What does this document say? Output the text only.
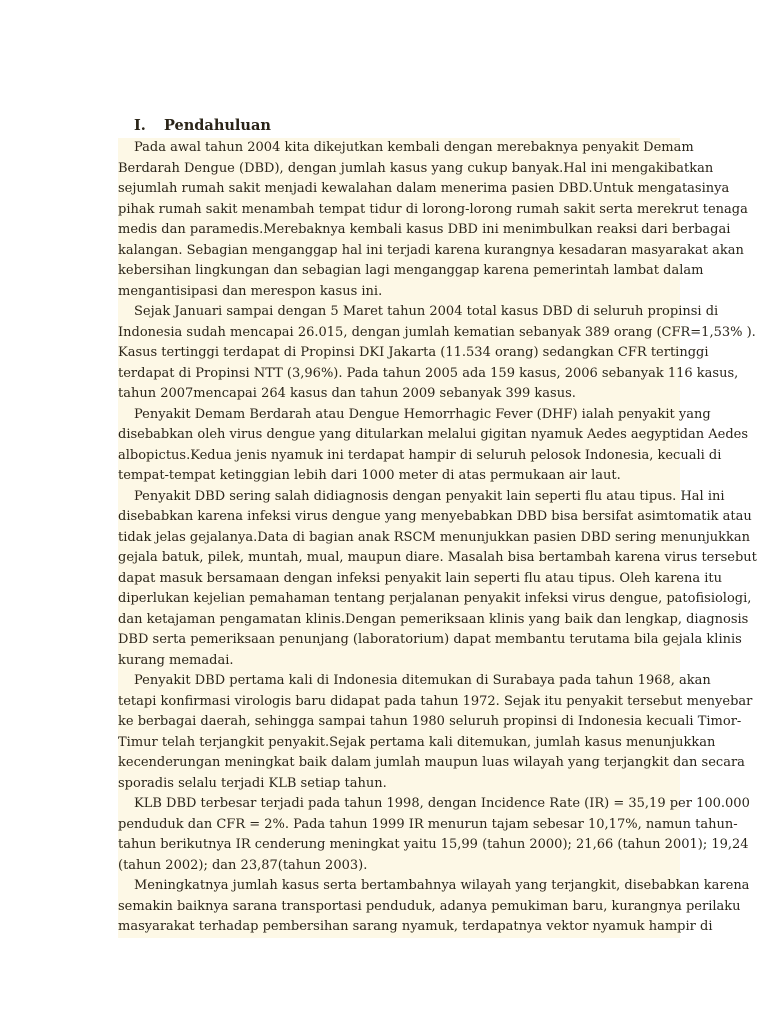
I. Pendahuluan
Pada awal tahun 2004 kita dikejutkan kembali dengan merebaknya penyakit Demam
Berdarah Dengue (DBD), dengan jumlah kasus yang cukup banyak.Hal ini mengakibatkan
sejumlah rumah sakit menjadi kewalahan dalam menerima pasien DBD.Untuk mengatasinya
pihak rumah sakit menambah tempat tidur di lorong-lorong rumah sakit serta merekrut tenaga
medis dan paramedis.Merebaknya kembali kasus DBD ini menimbulkan reaksi dari berbagai
kalangan. Sebagian menganggap hal ini terjadi karena kurangnya kesadaran masyarakat akan
kebersihan lingkungan dan sebagian lagi menganggap karena pemerintah lambat dalam
mengantisipasi dan merespon kasus ini.
Sejak Januari sampai dengan 5 Maret tahun 2004 total kasus DBD di seluruh propinsi di
Indonesia sudah mencapai 26.015, dengan jumlah kematian sebanyak 389 orang (CFR=1,53% ).
Kasus tertinggi terdapat di Propinsi DKI Jakarta (11.534 orang) sedangkan CFR tertinggi
terdapat di Propinsi NTT (3,96%). Pada tahun 2005 ada 159 kasus, 2006 sebanyak 116 kasus,
tahun 2007mencapai 264 kasus dan tahun 2009 sebanyak 399 kasus.
Penyakit Demam Berdarah atau Dengue Hemorrhagic Fever (DHF) ialah penyakit yang
disebabkan oleh virus dengue yang ditularkan melalui gigitan nyamuk Aedes aegyptidan Aedes
albopictus.Kedua jenis nyamuk ini terdapat hampir di seluruh pelosok Indonesia, kecuali di
tempat-tempat ketinggian lebih dari 1000 meter di atas permukaan air laut.
Penyakit DBD sering salah didiagnosis dengan penyakit lain seperti flu atau tipus. Hal ini
disebabkan karena infeksi virus dengue yang menyebabkan DBD bisa bersifat asimtomatik atau
tidak jelas gejalanya.Data di bagian anak RSCM menunjukkan pasien DBD sering menunjukkan
gejala batuk, pilek, muntah, mual, maupun diare. Masalah bisa bertambah karena virus tersebut
dapat masuk bersamaan dengan infeksi penyakit lain seperti flu atau tipus. Oleh karena itu
diperlukan kejelian pemahaman tentang perjalanan penyakit infeksi virus dengue, patofisiologi,
dan ketajaman pengamatan klinis.Dengan pemeriksaan klinis yang baik dan lengkap, diagnosis
DBD serta pemeriksaan penunjang (laboratorium) dapat membantu terutama bila gejala klinis
kurang memadai.
Penyakit DBD pertama kali di Indonesia ditemukan di Surabaya pada tahun 1968, akan
tetapi konfirmasi virologis baru didapat pada tahun 1972. Sejak itu penyakit tersebut menyebar
ke berbagai daerah, sehingga sampai tahun 1980 seluruh propinsi di Indonesia kecuali Timor-
Timur telah terjangkit penyakit.Sejak pertama kali ditemukan, jumlah kasus menunjukkan
kecenderungan meningkat baik dalam jumlah maupun luas wilayah yang terjangkit dan secara
sporadis selalu terjadi KLB setiap tahun.
KLB DBD terbesar terjadi pada tahun 1998, dengan Incidence Rate (IR) = 35,19 per 100.000
penduduk dan CFR = 2%. Pada tahun 1999 IR menurun tajam sebesar 10,17%, namun tahun-
tahun berikutnya IR cenderung meningkat yaitu 15,99 (tahun 2000); 21,66 (tahun 2001); 19,24
(tahun 2002); dan 23,87(tahun 2003).
Meningkatnya jumlah kasus serta bertambahnya wilayah yang terjangkit, disebabkan karena
semakin baiknya sarana transportasi penduduk, adanya pemukiman baru, kurangnya perilaku
masyarakat terhadap pembersihan sarang nyamuk, terdapatnya vektor nyamuk hampir di
